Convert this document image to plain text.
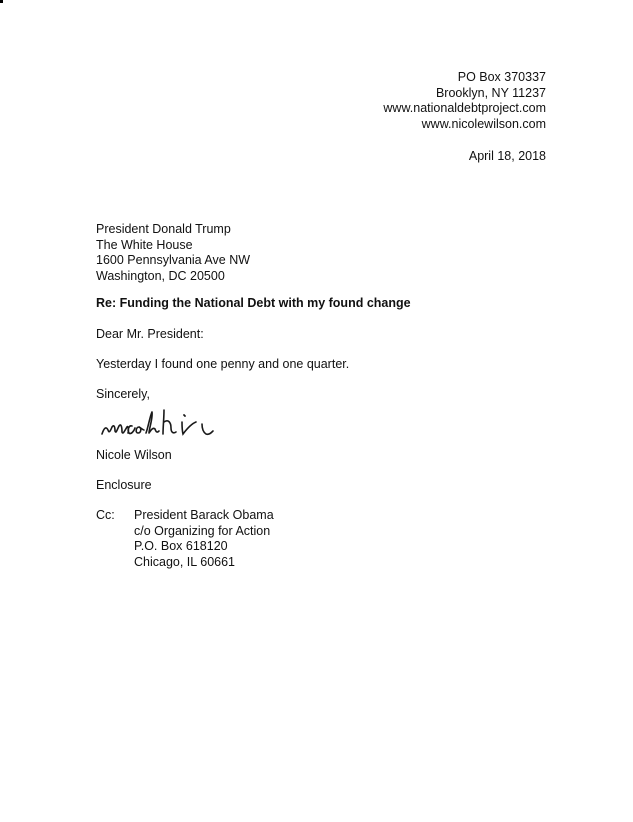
PO Box 370337
Brooklyn, NY 11237
www.nationaldebtproject.com
www.nicolewilson.com
April 18, 2018
President Donald Trump
The White House
1600 Pennsylvania Ave NW
Washington, DC 20500
Re: Funding the National Debt with my found change
Dear Mr. President:
Yesterday I found one penny and one quarter.
Sincerely,
Nicole Wilson
Enclosure
Cc: President Barack Obama
c/o Organizing for Action
P.O. Box 618120
Chicago, IL 60661
